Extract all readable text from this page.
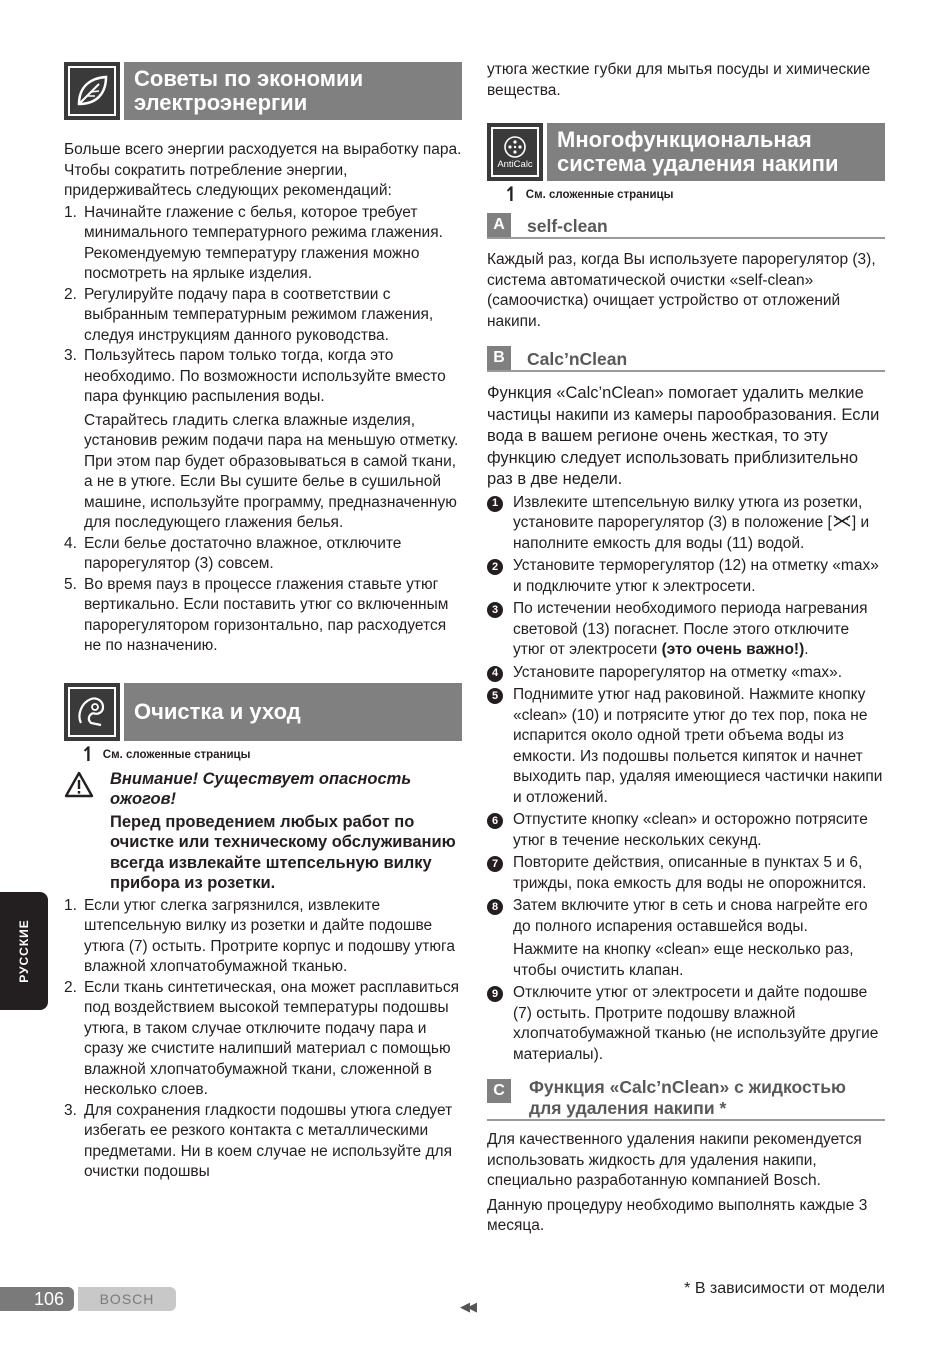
Советы по экономии
электроэнергии

Больше всего энергии расходуется на выработку пара. Чтобы сократить потребление энергии, придерживайтесь следующих рекомендаций:

1. Начинайте глажение с белья, которое требует минимального температурного режима глажения. Рекомендуемую температуру глажения можно посмотреть на ярлыке изделия.
2. Регулируйте подачу пара в соответствии с выбранным температурным режимом глажения, следуя инструкциям данного руководства.
3. Пользуйтесь паром только тогда, когда это необходимо. По возможности используйте вместо пара функцию распыления воды.
Старайтесь гладить слегка влажные изделия, установив режим подачи пара на меньшую отметку. При этом пар будет образовываться в самой ткани, а не в утюге. Если Вы сушите белье в сушильной машине, используйте программу, предназначенную для последующего глажения белья.
4. Если белье достаточно влажное, отключите парорегулятор (3) совсем.
5. Во время пауз в процессе глажения ставьте утюг вертикально. Если поставить утюг со включенным парорегулятором горизонтально, пар расходуется не по назначению.
Очистка и уход
↿ См. сложенные страницы
Внимание! Существует опасность ожогов!
Перед проведением любых работ по очистке или техническому обслуживанию всегда извлекайте штепсельную вилку прибора из розетки.
1. Если утюг слегка загрязнился, извлеките штепсельную вилку из розетки и дайте подошве утюга (7) остыть. Протрите корпус и подошву утюга влажной хлопчатобумажной тканью.
2. Если ткань синтетическая, она может расплавиться под воздействием высокой температуры подошвы утюга, в таком случае отключите подачу пара и сразу же счистите налипший материал с помощью влажной хлопчатобумажной ткани, сложенной в несколько слоев.
3. Для сохранения гладкости подошвы утюга следует избегать ее резкого контакта с металлическими предметами. Ни в коем случае не используйте для очистки подошвы

утюга жесткие губки для мытья посуды и химические вещества.

AntiCalc
Многофункциональная
система удаления накипи
↿ См. сложенные страницы
A	self-clean

Каждый раз, когда Вы используете парорегулятор (3), система автоматической очистки «self-clean» (самоочистка) очищает устройство от отложений накипи.

B	Calc’nClean

Функция «Calc’nClean» помогает удалить мелкие частицы накипи из камеры парообразования. Если вода в вашем регионе очень жесткая, то эту функцию следует использовать приблизительно раз в две недели.

1 Извлеките штепсельную вилку утюга из розетки, установите парорегулятор (3) в положение [ ] и наполните емкость для воды (11) водой.
2 Установите терморегулятор (12) на отметку «max» и подключите утюг к электросети.
3 По истечении необходимого периода нагревания световой (13) погаснет. После этого отключите утюг от электросети (это очень важно!).
4 Установите парорегулятор на отметку «max».
5 Поднимите утюг над раковиной. Нажмите кнопку «clean» (10) и потрясите утюг до тех пор, пока не испарится около одной трети объема воды из емкости. Из подошвы польется кипяток и начнет выходить пар, удаляя имеющиеся частички накипи и отложений.
6 Отпустите кнопку «clean» и осторожно потрясите утюг в течение нескольких секунд.
7 Повторите действия, описанные в пунктах 5 и 6, трижды, пока емкость для воды не опорожнится.
8 Затем включите утюг в сеть и снова нагрейте его до полного испарения оставшейся воды.
Нажмите на кнопку «clean» еще несколько раз, чтобы очистить клапан.
9 Отключите утюг от электросети и дайте подошве (7) остыть. Протрите подошву влажной хлопчатобумажной тканью (не используйте другие материалы).
C	Функция «Calc’nClean» с жидкостью
для удаления накипи *

Для качественного удаления накипи рекомендуется использовать жидкость для удаления накипи, специально разработанную компанией Bosch.

Данную процедуру необходимо выполнять каждые 3 месяца.

РУССКИЕ
* В зависимости от модели
106	BOSCH	◀◀
